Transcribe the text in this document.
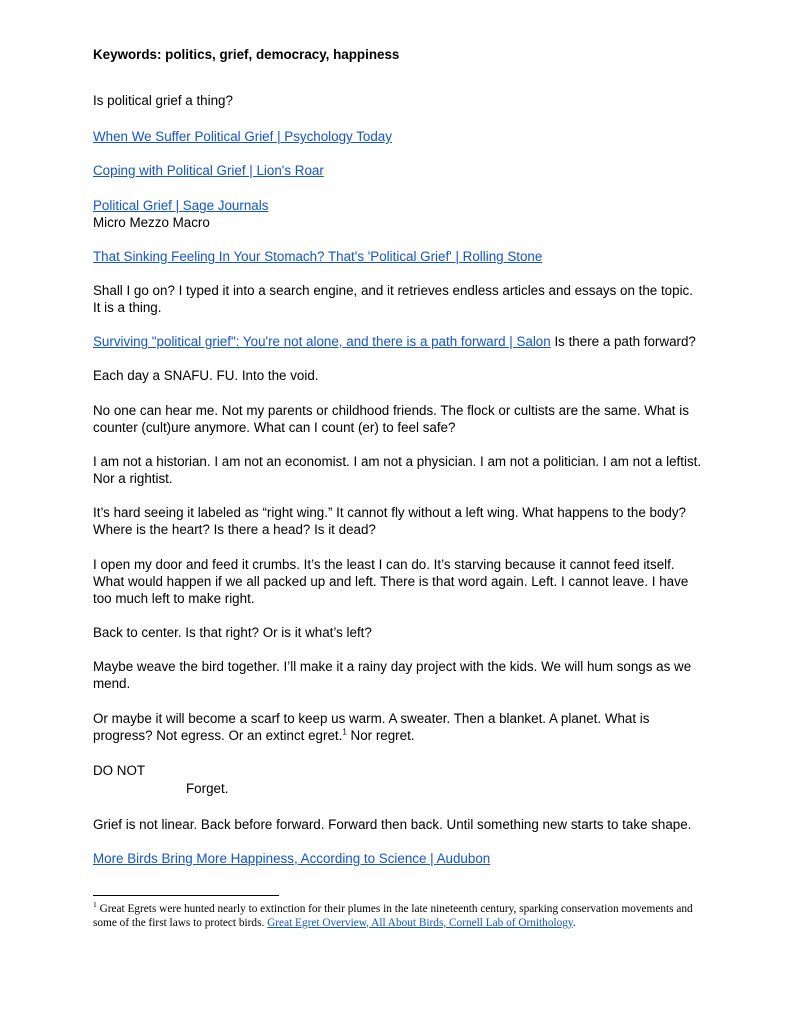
Keywords: politics, grief, democracy, happiness

Is political grief a thing?

When We Suffer Political Grief | Psychology Today

Coping with Political Grief | Lion's Roar

Political Grief | Sage Journals

Micro Mezzo Macro

That Sinking Feeling In Your Stomach? That's 'Political Grief' | Rolling Stone

Shall I go on? I typed it into a search engine, and it retrieves endless articles and essays on the topic. It is a thing.

Surviving "political grief": You're not alone, and there is a path forward | Salon Is there a path forward?

Each day a SNAFU. FU. Into the void.

No one can hear me. Not my parents or childhood friends. The flock or cultists are the same. What is counter (cult)ure anymore. What can I count (er) to feel safe?

I am not a historian. I am not an economist. I am not a physician. I am not a politician. I am not a leftist. Nor a rightist.

It’s hard seeing it labeled as “right wing.” It cannot fly without a left wing. What happens to the body? Where is the heart? Is there a head? Is it dead?

I open my door and feed it crumbs. It’s the least I can do. It’s starving because it cannot feed itself. What would happen if we all packed up and left. There is that word again. Left. I cannot leave. I have too much left to make right.

Back to center. Is that right? Or is it what’s left?

Maybe weave the bird together. I’ll make it a rainy day project with the kids. We will hum songs as we mend.

Or maybe it will become a scarf to keep us warm. A sweater. Then a blanket. A planet. What is progress? Not egress. Or an extinct egret.$^1$ Nor regret.

DO NOT

Forget.

Grief is not linear. Back before forward. Forward then back. Until something new starts to take shape.

More Birds Bring More Happiness, According to Science | Audubon

$^1$ Great Egrets were hunted nearly to extinction for their plumes in the late nineteenth century, sparking conservation movements and some of the first laws to protect birds. Great Egret Overview, All About Birds, Cornell Lab of Ornithology.
